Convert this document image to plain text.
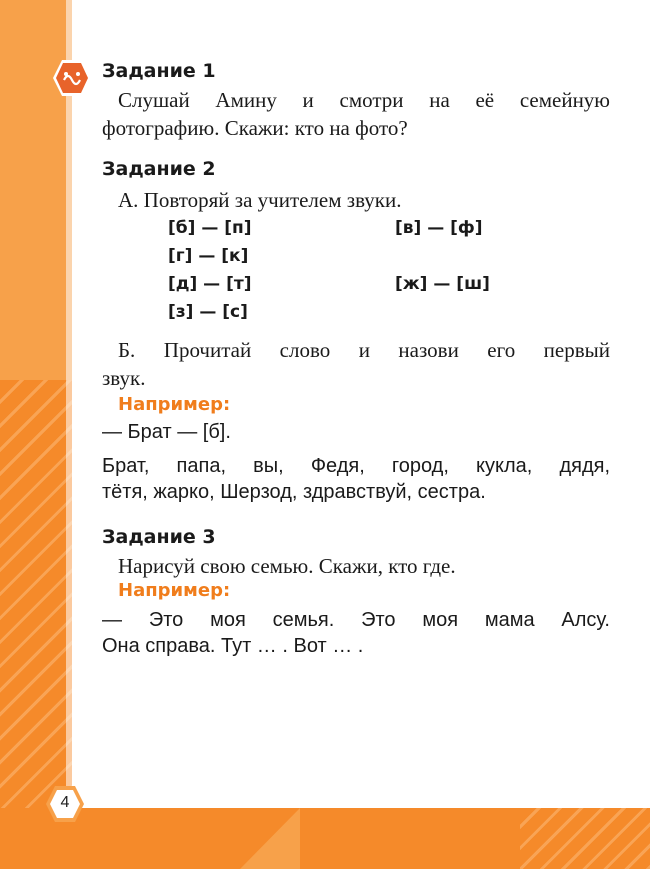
4
Задание 1
Слушай Амину и смотри на её семейную
фотографию. Скажи: кто на фото?
Задание 2
А. Повторяй за учителем звуки.
[б] — [п]	[в] — [ф]
[г] — [к]
[д] — [т]	[ж] — [ш]
[з] — [с]
Б. Прочитай слово и назови его первый
звук.
Например:
— Брат — [б].
Брат, папа, вы, Федя, город, кукла, дядя,
тётя, жарко, Шерзод, здравствуй, сестра.
Задание 3
Нарисуй свою семью. Скажи, кто где.
Например:
— Это моя семья. Это моя мама Алсу.
Она справа. Тут … . Вот … .
